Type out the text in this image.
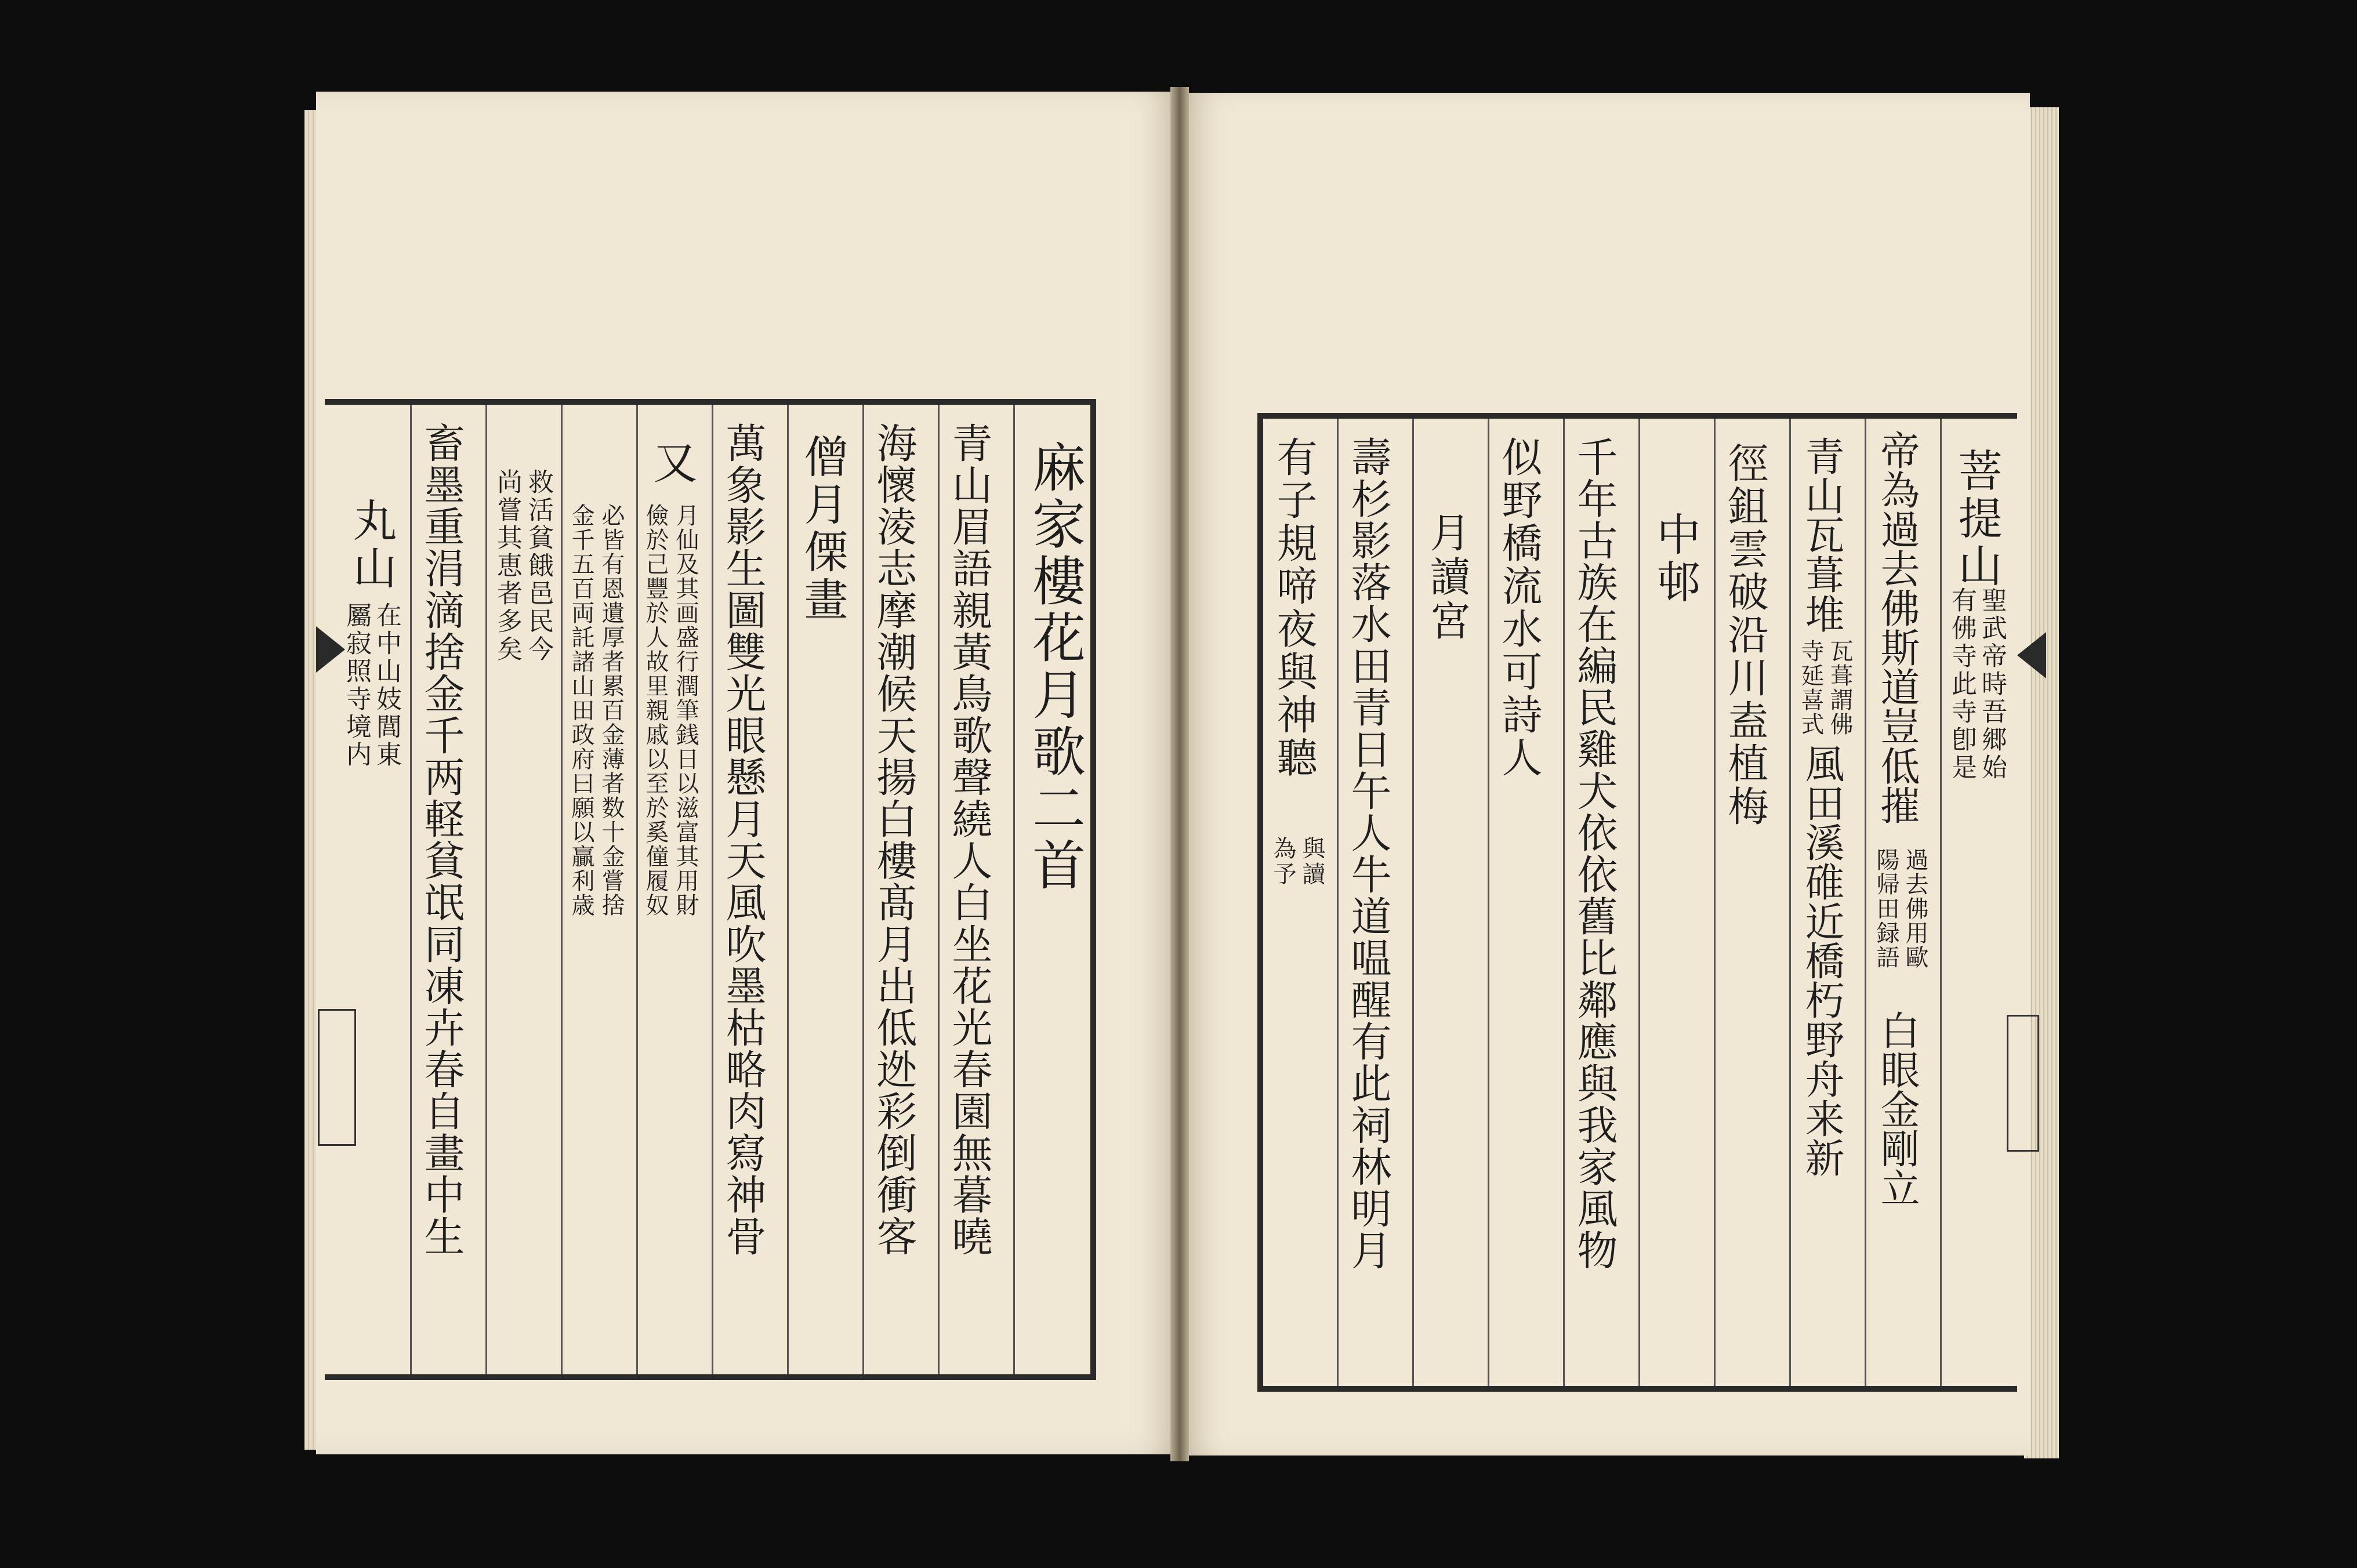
麻家樓花月歌二首
青山眉語親黃鳥歌聲繞人白坐花光春園無暮曉
海懷淩志摩潮候天揚白樓髙月出低迯彩倒衝客
僧月傈畫
萬象影生圖雙光眼懸月天風吹墨枯略肉寫神骨
又
月仙及其画盛行潤筆銭日以滋富其用財
儉於己豐於人故里親戚以至於奚僮履奴
必皆有恩遺厚者累百金薄者数十金嘗捨
金千五百両託諸山田政府曰願以贏利歳
救活貧餓邑民今
尚嘗其恵者多矣
畜墨重涓滴捨金千两軽貧氓同凍卉春自畫中生
丸山
在中山妓閭東
屬寂照寺境内
菩提山
聖武帝時吾郷始
有佛寺此寺卽是
帝為過去佛斯道豈低摧
過去佛用歐
陽帰田録語
白眼金剛立
青山瓦葺堆
瓦葺謂佛
寺延喜式
風田溪碓近橋朽野舟来新
徑鉏雲破沿川盍植梅
中邨
千年古族在編民雞犬依依舊比鄰應與我家風物
似野橋流水可詩人
月讀宮
壽杉影落水田青日午人牛道嗢醒有此祠林明月
有子規啼夜與神聽
與讀
為予
